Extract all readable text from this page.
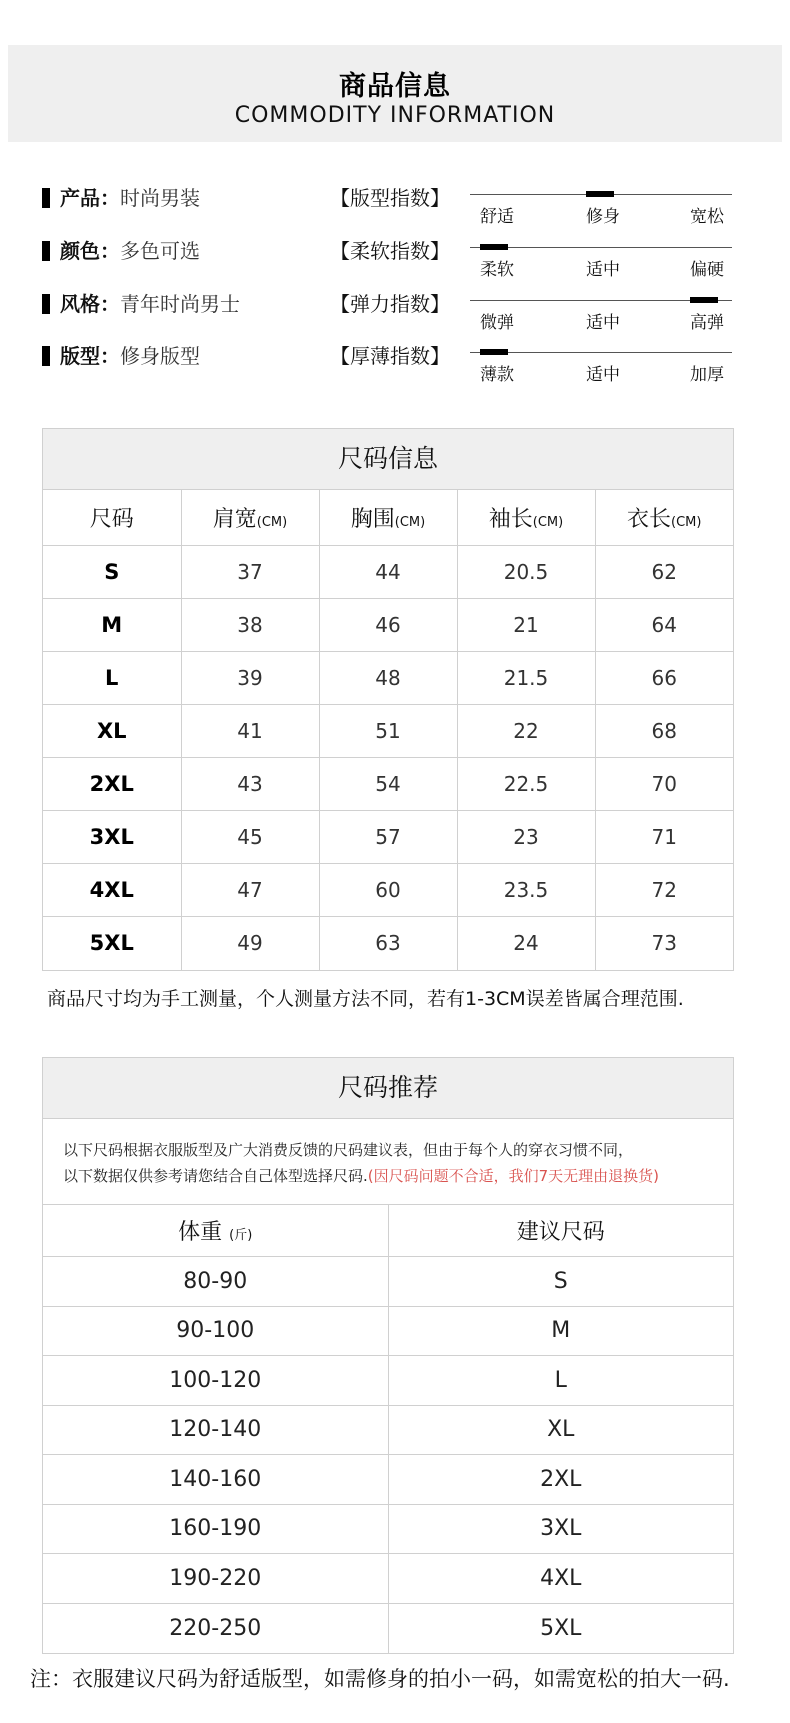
商品信息
COMMODITY INFORMATION
产品：时尚男装
颜色：多色可选
风格：青年时尚男士
版型：修身版型
【版型指数】
【柔软指数】
【弹力指数】
【厚薄指数】
舒适	修身	宽松
柔软	适中	偏硬
微弹	适中	高弹
薄款	适中	加厚
尺码信息
尺码	肩宽(CM)	胸围(CM)	袖长(CM)	衣长(CM)
S	37	44	20.5	62
M	38	46	21	64
L	39	48	21.5	66
XL	41	51	22	68
2XL	43	54	22.5	70
3XL	45	57	23	71
4XL	47	60	23.5	72
5XL	49	63	24	73
商品尺寸均为手工测量，个人测量方法不同，若有1-3CM误差皆属合理范围.
尺码推荐
以下尺码根据衣服版型及广大消费反馈的尺码建议表，但由于每个人的穿衣习惯不同，
以下数据仅供参考请您结合自己体型选择尺码.(因尺码问题不合适，我们7天无理由退换货)
体重 (斤)	建议尺码
80-90	S
90-100	M
100-120	L
120-140	XL
140-160	2XL
160-190	3XL
190-220	4XL
220-250	5XL
注：衣服建议尺码为舒适版型，如需修身的拍小一码，如需宽松的拍大一码.
